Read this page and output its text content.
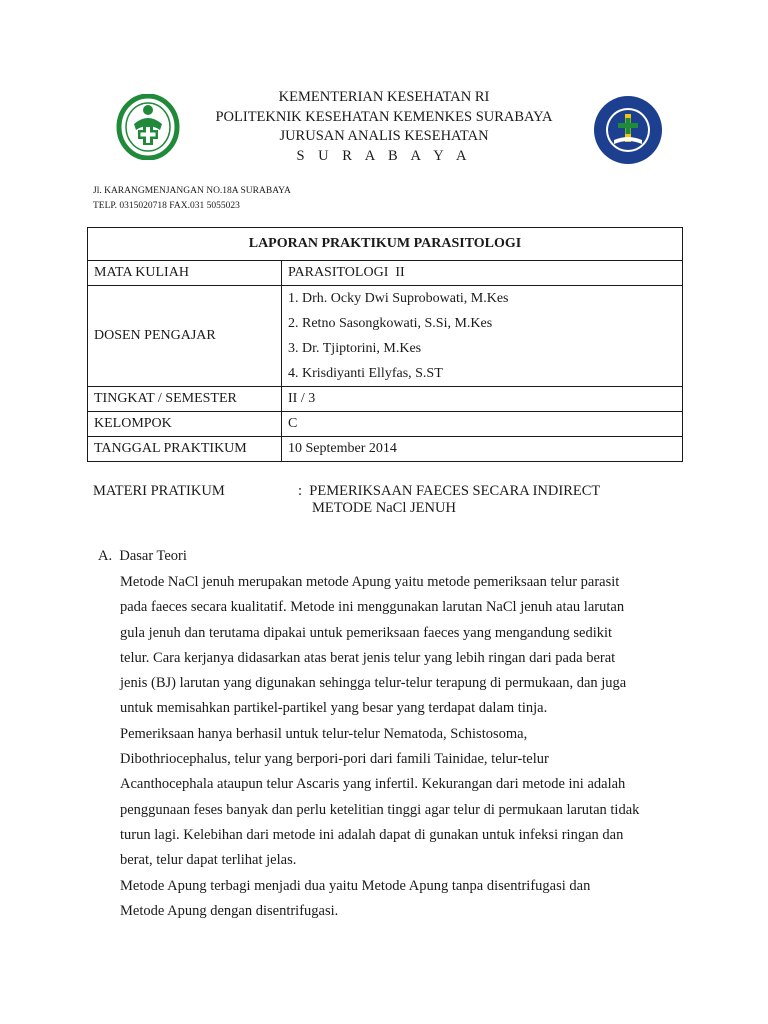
KEMENTERIAN KESEHATAN RI
POLITEKNIK KESEHATAN KEMENKES SURABAYA
JURUSAN ANALIS KESEHATAN
S U R A B A Y A
Jl. KARANGMENJANGAN NO.18A SURABAYA
TELP. 0315020718 FAX.031 5055023
LAPORAN PRAKTIKUM PARASITOLOGI	
MATA KULIAH	PARASITOLOGI  II
DOSEN PENGAJAR	1. Drh. Ocky Dwi Suprobowati, M.Kes
2. Retno Sasongkowati, S.Si, M.Kes
3. Dr. Tjiptorini, M.Kes
4. Krisdiyanti Ellyfas, S.ST

TINGKAT / SEMESTER	II / 3
KELOMPOK	C
TANGGAL PRAKTIKUM	10 September 2014
MATERI PRATIKUM	:  PEMERIKSAAN FAECES SECARA INDIRECT
METODE NaCl JENUH
A.  Dasar Teori
Metode NaCl jenuh merupakan metode Apung yaitu metode pemeriksaan telur parasit
pada faeces secara kualitatif. Metode ini menggunakan larutan NaCl jenuh atau larutan
gula jenuh dan terutama dipakai untuk pemeriksaan faeces yang mengandung sedikit
telur. Cara kerjanya didasarkan atas berat jenis telur yang lebih ringan dari pada berat
jenis (BJ) larutan yang digunakan sehingga telur-telur terapung di permukaan, dan juga
untuk memisahkan partikel-partikel yang besar yang terdapat dalam tinja.
Pemeriksaan hanya berhasil untuk telur-telur Nematoda, Schistosoma,
Dibothriocephalus, telur yang berpori-pori dari famili Tainidae, telur-telur
Acanthocephala ataupun telur Ascaris yang infertil. Kekurangan dari metode ini adalah
penggunaan feses banyak dan perlu ketelitian tinggi agar telur di permukaan larutan tidak
turun lagi. Kelebihan dari metode ini adalah dapat di gunakan untuk infeksi ringan dan
berat, telur dapat terlihat jelas.
Metode Apung terbagi menjadi dua yaitu Metode Apung tanpa disentrifugasi dan
Metode Apung dengan disentrifugasi.
